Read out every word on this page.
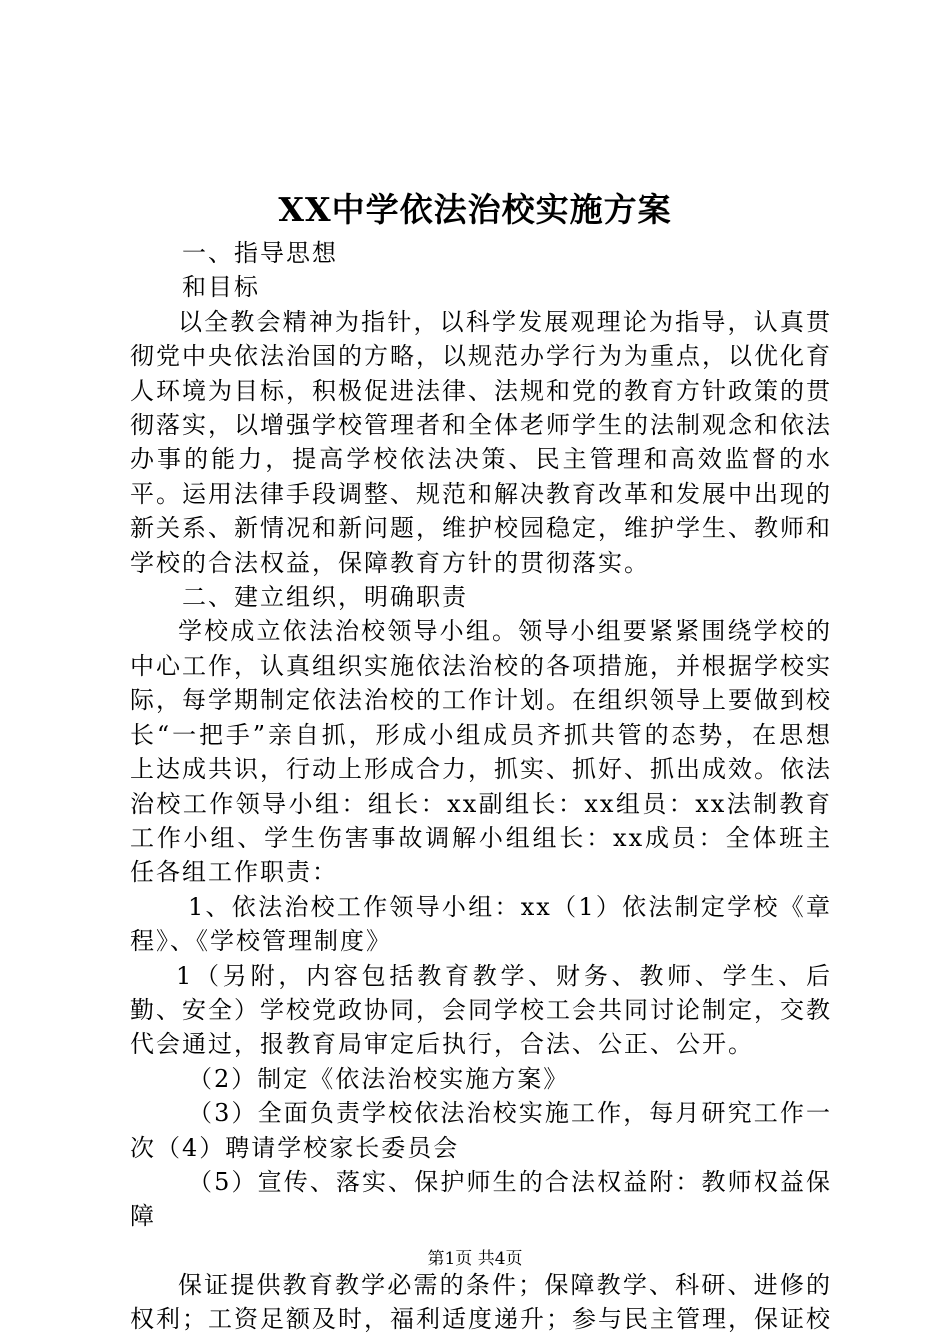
XX中学依法治校实施方案

一、指导思想

和目标

以全教会精神为指针，以科学发展观理论为指导，认真贯彻党中央依法治国的方略，以规范办学行为为重点，以优化育人环境为目标，积极促进法律、法规和党的教育方针政策的贯彻落实，以增强学校管理者和全体老师学生的法制观念和依法办事的能力，提高学校依法决策、民主管理和高效监督的水平。运用法律手段调整、规范和解决教育改革和发展中出现的新关系、新情况和新问题，维护校园稳定，维护学生、教师和学校的合法权益，保障教育方针的贯彻落实。

二、建立组织，明确职责

学校成立依法治校领导小组。领导小组要紧紧围绕学校的中心工作，认真组织实施依法治校的各项措施，并根据学校实际，每学期制定依法治校的工作计划。在组织领导上要做到校长“一把手”亲自抓，形成小组成员齐抓共管的态势，在思想上达成共识，行动上形成合力，抓实、抓好、抓出成效。依法治校工作领导小组：组长：xx副组长：xx组员：xx法制教育工作小组、学生伤害事故调解小组组长：xx成员：全体班主任各组工作职责：

1、依法治校工作领导小组：xx（1）依法制定学校《章程》、《学校管理制度》

1（另附，内容包括教育教学、财务、教师、学生、后勤、安全）学校党政协同，会同学校工会共同讨论制定，交教代会通过，报教育局审定后执行，合法、公正、公开。

（2）制定《依法治校实施方案》

（3）全面负责学校依法治校实施工作，每月研究工作一次（4）聘请学校家长委员会

（5）宣传、落实、保护师生的合法权益附：教师权益保障

保证提供教育教学必需的条件；保障教学、科研、进修的权利；工资足额及时，福利适度递升；参与民主管理，保证校

第1页 共4页
